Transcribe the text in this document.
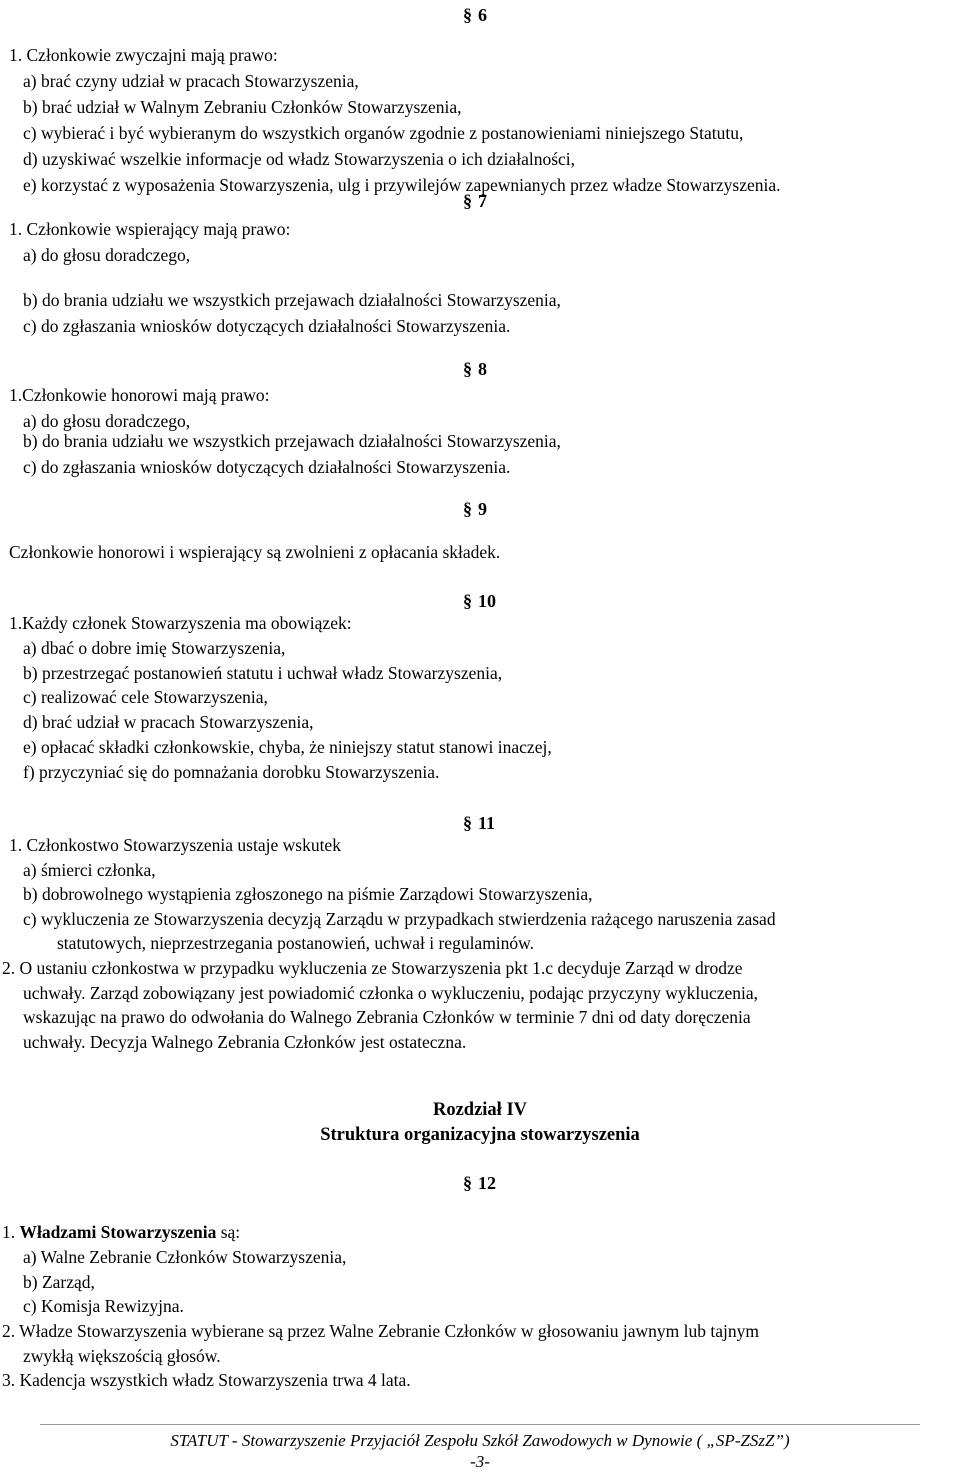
§ 6
1. Członkowie zwyczajni mają prawo:
a) brać czyny udział w pracach Stowarzyszenia,
b) brać udział w Walnym Zebraniu Członków Stowarzyszenia,
c) wybierać i być wybieranym do wszystkich organów zgodnie z postanowieniami niniejszego Statutu,
d) uzyskiwać wszelkie informacje od władz Stowarzyszenia o ich działalności,
e) korzystać z wyposażenia Stowarzyszenia, ulg i przywilejów zapewnianych przez władze Stowarzyszenia.
§ 7
1. Członkowie wspierający mają prawo:
a) do głosu doradczego,
b) do brania udziału we wszystkich przejawach działalności Stowarzyszenia,
c) do zgłaszania wniosków dotyczących działalności Stowarzyszenia.
§ 8
1.Członkowie honorowi mają prawo:
a) do głosu doradczego,
b) do brania udziału we wszystkich przejawach działalności Stowarzyszenia,
c) do zgłaszania wniosków dotyczących działalności Stowarzyszenia.
§ 9
Członkowie honorowi i wspierający są zwolnieni z opłacania składek.
§ 10
1.Każdy członek Stowarzyszenia ma obowiązek:
a) dbać o dobre imię Stowarzyszenia,
b) przestrzegać postanowień statutu i uchwał władz Stowarzyszenia,
c) realizować cele Stowarzyszenia,
d) brać udział w pracach Stowarzyszenia,
e) opłacać składki członkowskie, chyba, że niniejszy statut stanowi inaczej,
f) przyczyniać się do pomnażania dorobku Stowarzyszenia.
§ 11
1. Członkostwo Stowarzyszenia ustaje wskutek
a) śmierci członka,
b) dobrowolnego wystąpienia zgłoszonego na piśmie Zarządowi Stowarzyszenia,
c) wykluczenia ze Stowarzyszenia decyzją Zarządu w przypadkach stwierdzenia rażącego naruszenia zasad
statutowych, nieprzestrzegania postanowień, uchwał i regulaminów.
2. O ustaniu członkostwa w przypadku wykluczenia ze Stowarzyszenia pkt 1.c decyduje Zarząd w drodze
uchwały. Zarząd zobowiązany jest powiadomić członka o wykluczeniu, podając przyczyny wykluczenia,
wskazując na prawo do odwołania do Walnego Zebrania Członków w terminie 7 dni od daty doręczenia
uchwały. Decyzja Walnego Zebrania Członków jest ostateczna.
Rozdział IV
Struktura organizacyjna stowarzyszenia
§ 12
1. Władzami Stowarzyszenia są:
a) Walne Zebranie Członków Stowarzyszenia,
b) Zarząd,
c) Komisja Rewizyjna.
2. Władze Stowarzyszenia wybierane są przez Walne Zebranie Członków w głosowaniu jawnym lub tajnym
zwykłą większością głosów.
3. Kadencja wszystkich władz Stowarzyszenia trwa 4 lata.
STATUT - Stowarzyszenie Przyjaciół Zespołu Szkół Zawodowych w Dynowie ( „SP-ZSzZ”)
-3-
